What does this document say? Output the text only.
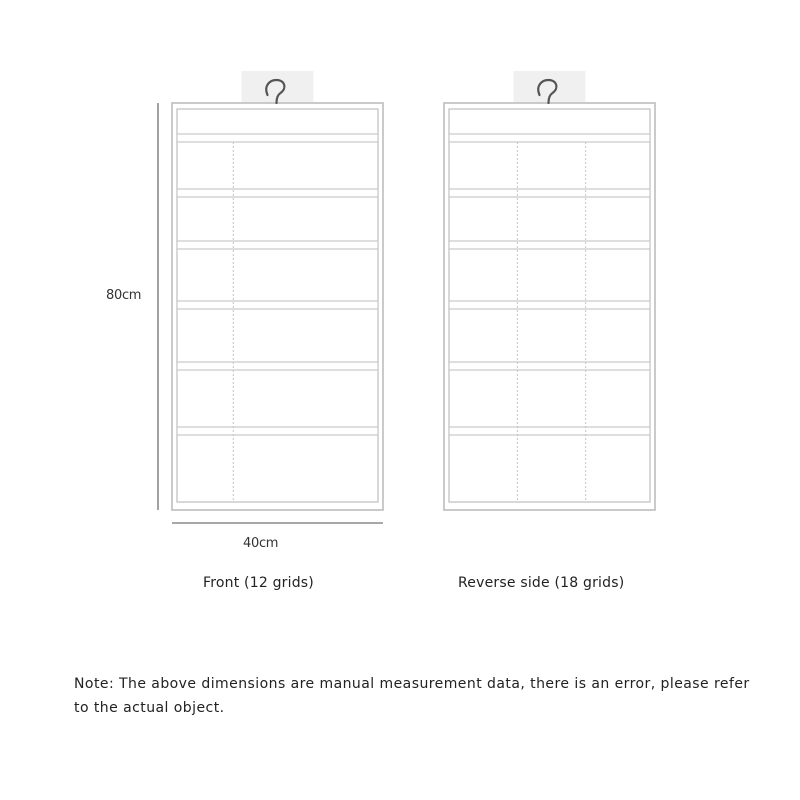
80cm
40cm
Front (12 grids)	Reverse side (18 grids)

Note: The above dimensions are manual measurement data, there is an error, please refer to the actual object.
